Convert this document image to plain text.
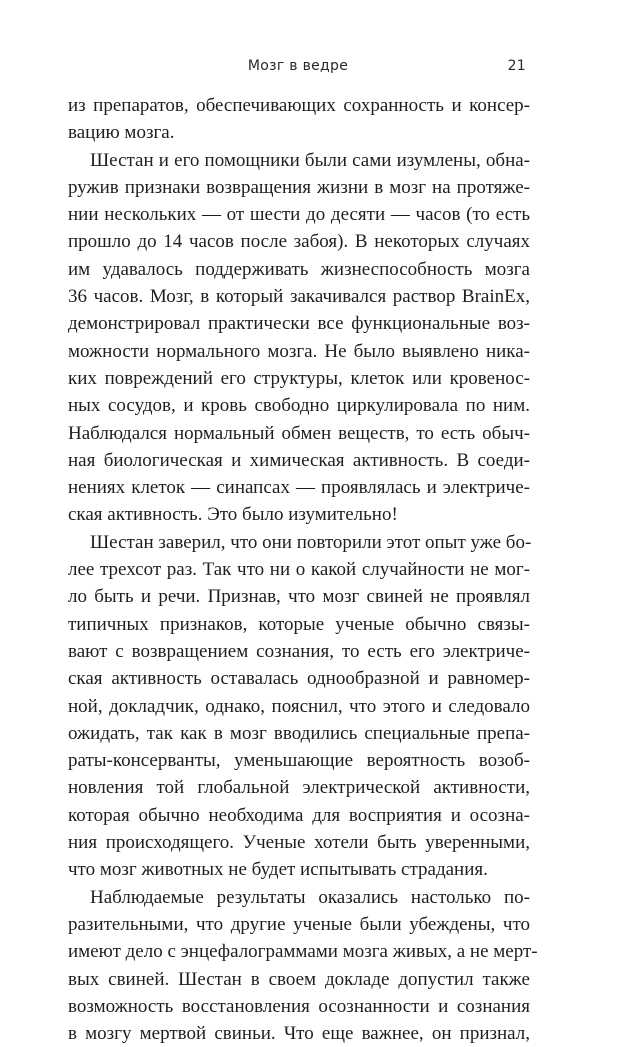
Мозг в ведре	21
из препаратов, обеспечивающих сохранность и консер-
вацию мозга.
Шестан и его помощники были сами изумлены, обна-
ружив признаки возвращения жизни в мозг на протяже-
нии нескольких — от шести до десяти — часов (то есть
прошло до 14 часов после забоя). В некоторых случаях
им удавалось поддерживать жизнеспособность мозга
36 часов. Мозг, в который закачивался раствор BrainEx,
демонстрировал практически все функциональные воз-
можности нормального мозга. Не было выявлено ника-
ких повреждений его структуры, клеток или кровенос-
ных сосудов, и кровь свободно циркулировала по ним.
Наблюдался нормальный обмен веществ, то есть обыч-
ная биологическая и химическая активность. В соеди-
нениях клеток — синапсах — проявлялась и электриче-
ская активность. Это было изумительно!
Шестан заверил, что они повторили этот опыт уже бо-
лее трехсот раз. Так что ни о какой случайности не мог-
ло быть и речи. Признав, что мозг свиней не проявлял
типичных признаков, которые ученые обычно связы-
вают с возвращением сознания, то есть его электриче-
ская активность оставалась однообразной и равномер-
ной, докладчик, однако, пояснил, что этого и следовало
ожидать, так как в мозг вводились специальные препа-
раты-консерванты, уменьшающие вероятность возоб-
новления той глобальной электрической активности,
которая обычно необходима для восприятия и осозна-
ния происходящего. Ученые хотели быть уверенными,
что мозг животных не будет испытывать страдания.
Наблюдаемые результаты оказались настолько по-
разительными, что другие ученые были убеждены, что
имеют дело с энцефалограммами мозга живых, а не мерт-
вых свиней. Шестан в своем докладе допустил также
возможность восстановления осознанности и сознания
в мозгу мертвой свиньи. Что еще важнее, он признал,
